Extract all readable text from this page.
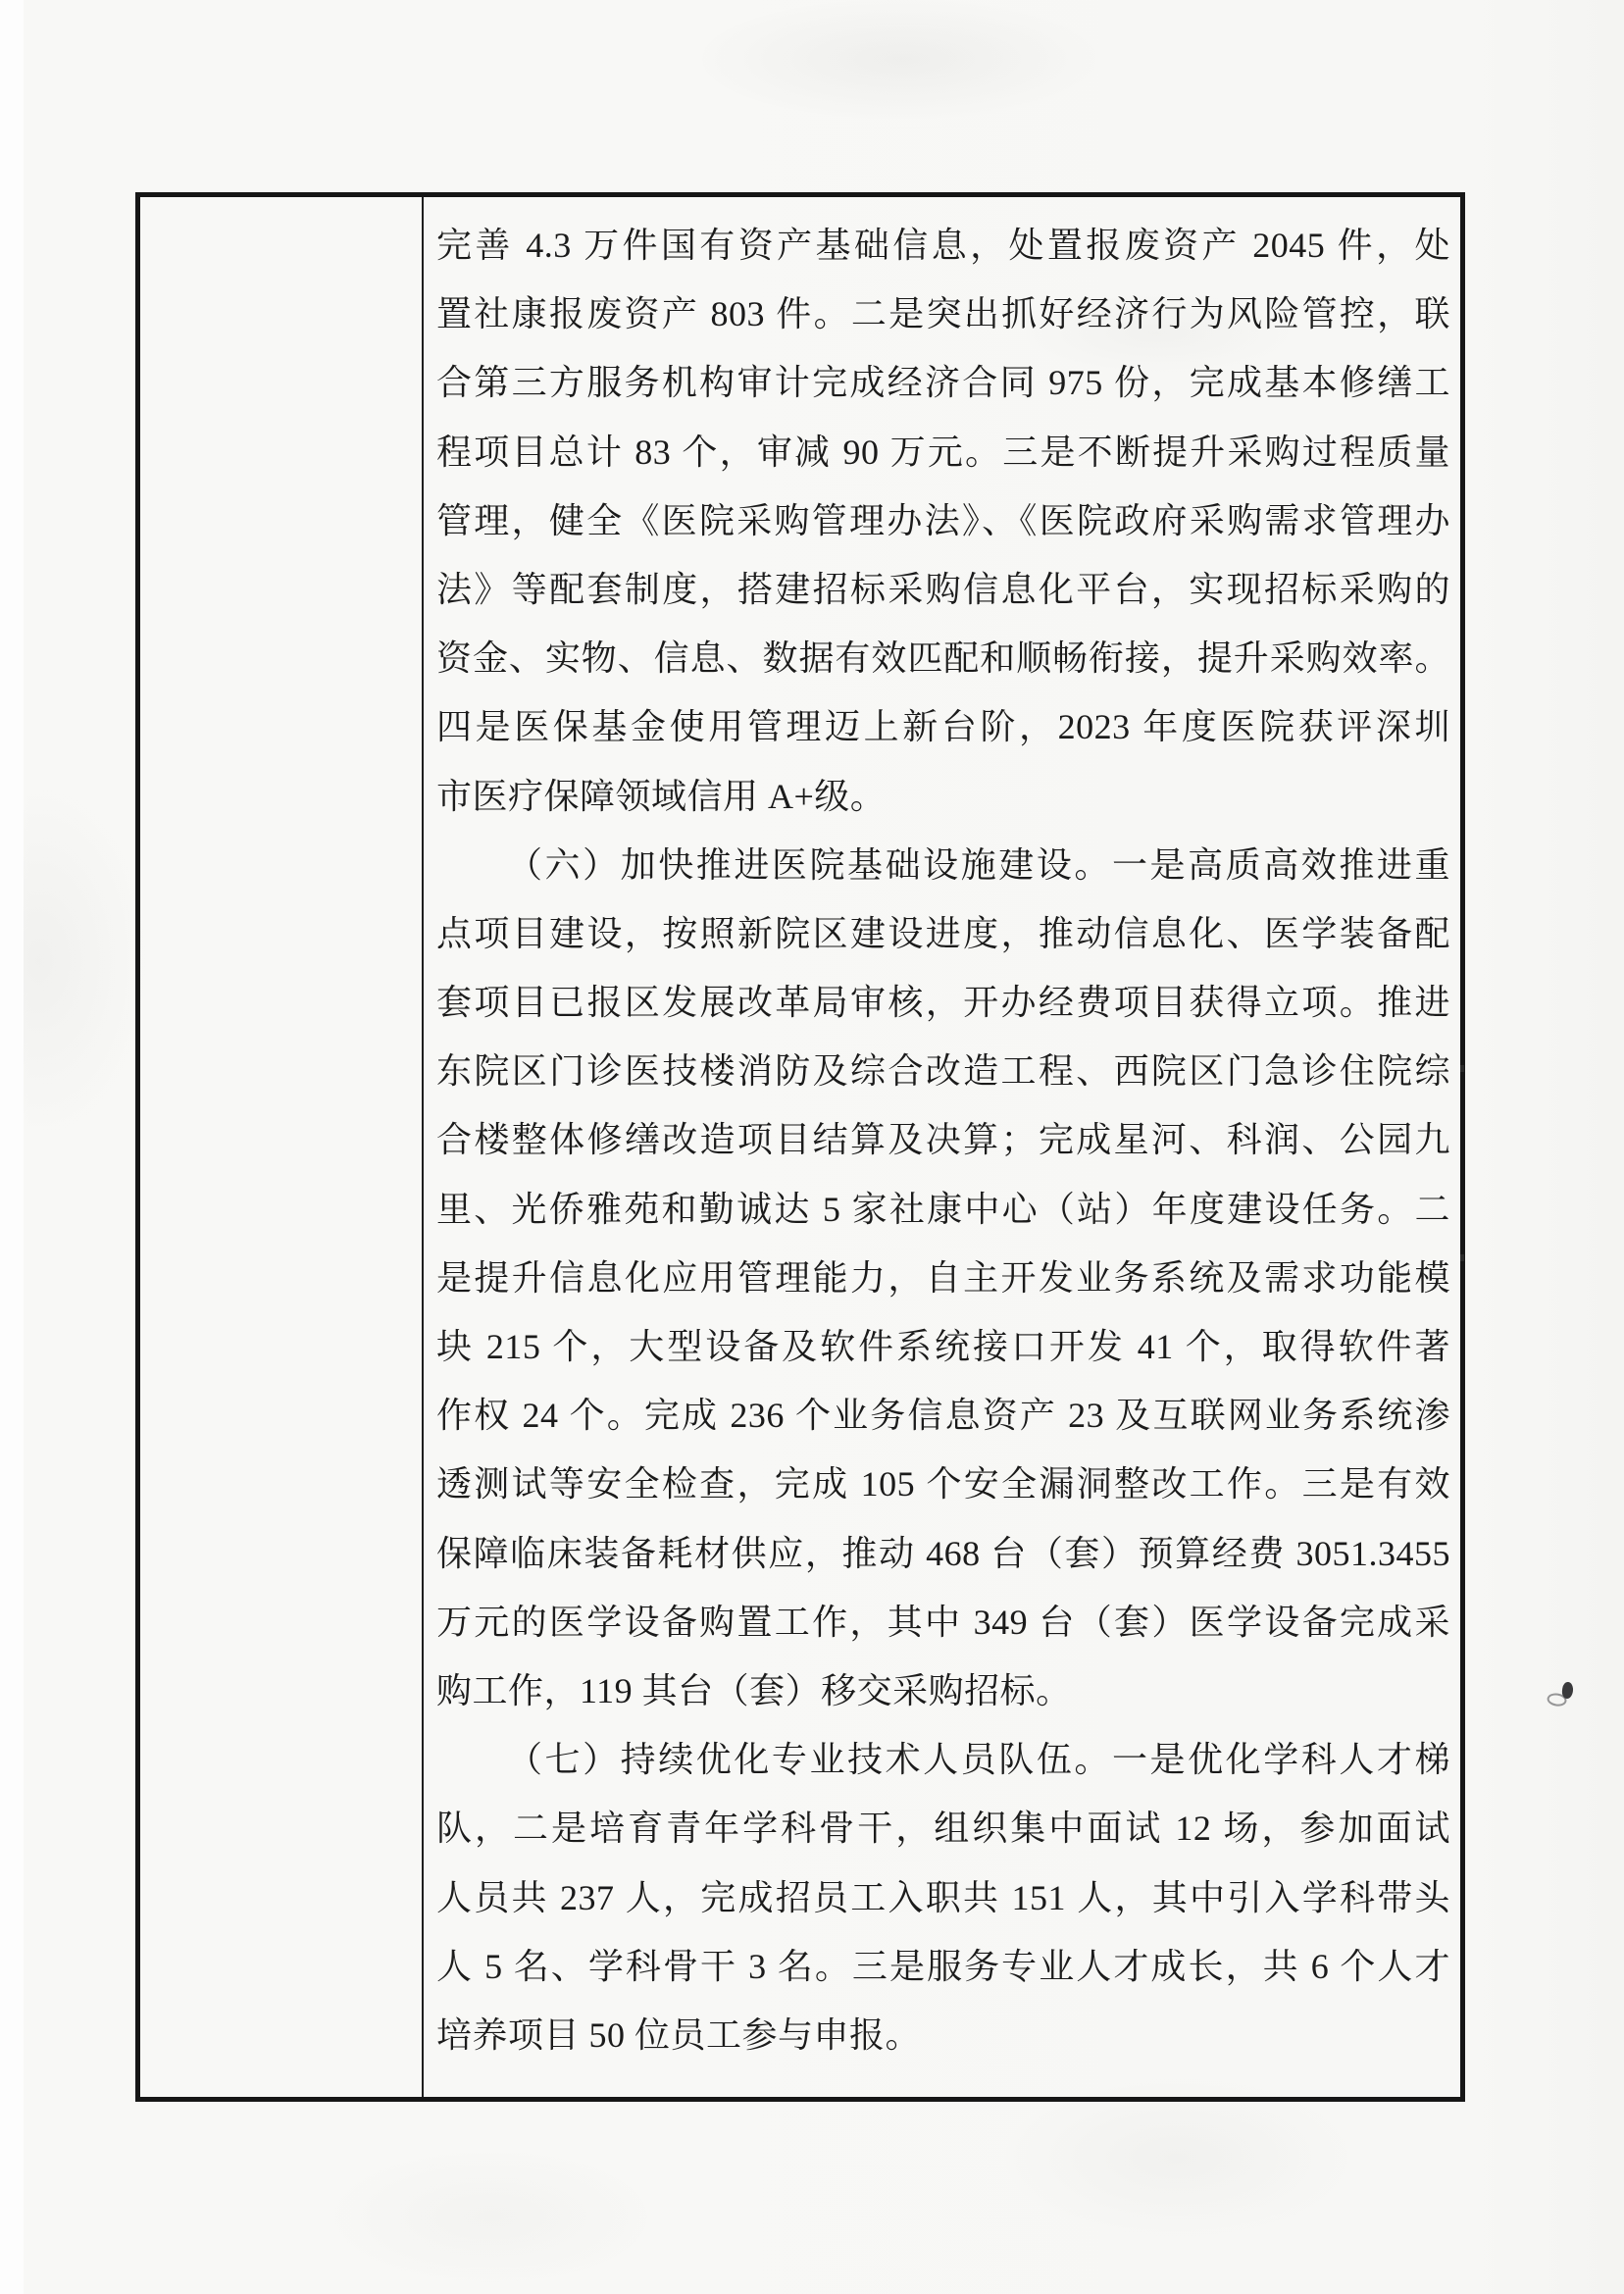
完善 4.3 万件国有资产基础信息，处置报废资产 2045 件，处
置社康报废资产 803 件。二是突出抓好经济行为风险管控，联
合第三方服务机构审计完成经济合同 975 份，完成基本修缮工
程项目总计 83 个，审减 90 万元。三是不断提升采购过程质量
管理，健全《医院采购管理办法》、《医院政府采购需求管理办
法》等配套制度，搭建招标采购信息化平台，实现招标采购的
资金、实物、信息、数据有效匹配和顺畅衔接，提升采购效率。
四是医保基金使用管理迈上新台阶，2023 年度医院获评深圳
市医疗保障领域信用 A+级。
（六）加快推进医院基础设施建设。一是高质高效推进重
点项目建设，按照新院区建设进度，推动信息化、医学装备配
套项目已报区发展改革局审核，开办经费项目获得立项。推进
东院区门诊医技楼消防及综合改造工程、西院区门急诊住院综
合楼整体修缮改造项目结算及决算；完成星河、科润、公园九
里、光侨雅苑和勤诚达 5 家社康中心（站）年度建设任务。二
是提升信息化应用管理能力，自主开发业务系统及需求功能模
块 215 个，大型设备及软件系统接口开发 41 个，取得软件著
作权 24 个。完成 236 个业务信息资产 23 及互联网业务系统渗
透测试等安全检查，完成 105 个安全漏洞整改工作。三是有效
保障临床装备耗材供应，推动 468 台（套）预算经费 3051.3455
万元的医学设备购置工作，其中 349 台（套）医学设备完成采
购工作，119 其台（套）移交采购招标。
（七）持续优化专业技术人员队伍。一是优化学科人才梯
队，二是培育青年学科骨干，组织集中面试 12 场，参加面试
人员共 237 人，完成招员工入职共 151 人，其中引入学科带头
人 5 名、学科骨干 3 名。三是服务专业人才成长，共 6 个人才
培养项目 50 位员工参与申报。
